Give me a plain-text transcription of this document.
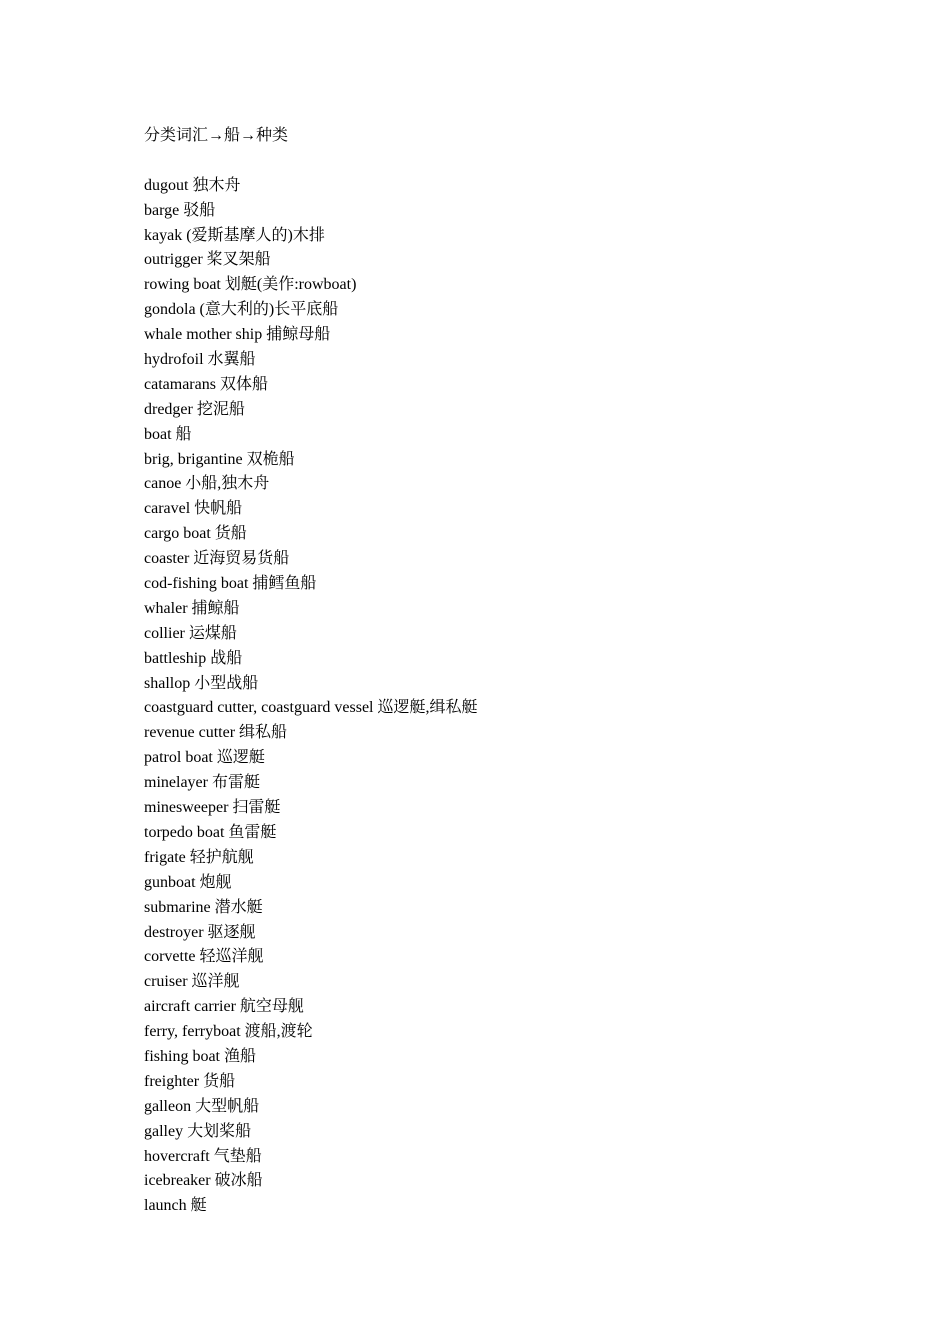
分类词汇→船→种类
dugout 独木舟
barge 驳船
kayak (爱斯基摩人的)木排
outrigger 桨叉架船
rowing boat 划艇(美作:rowboat)
gondola (意大利的)长平底船
whale mother ship 捕鲸母船
hydrofoil 水翼船
catamarans 双体船
dredger 挖泥船
boat 船
brig, brigantine 双桅船
canoe 小船,独木舟
caravel 快帆船
cargo boat 货船
coaster 近海贸易货船
cod-fishing boat 捕鳕鱼船
whaler 捕鲸船
collier 运煤船
battleship 战船
shallop 小型战船
coastguard cutter, coastguard vessel 巡逻艇,缉私艇
revenue cutter 缉私船
patrol boat 巡逻艇
minelayer 布雷艇
minesweeper 扫雷艇
torpedo boat 鱼雷艇
frigate 轻护航舰
gunboat 炮舰
submarine 潜水艇
destroyer 驱逐舰
corvette 轻巡洋舰
cruiser 巡洋舰
aircraft carrier 航空母舰
ferry, ferryboat 渡船,渡轮
fishing boat 渔船
freighter 货船
galleon 大型帆船
galley 大划桨船
hovercraft 气垫船
icebreaker 破冰船
launch 艇
